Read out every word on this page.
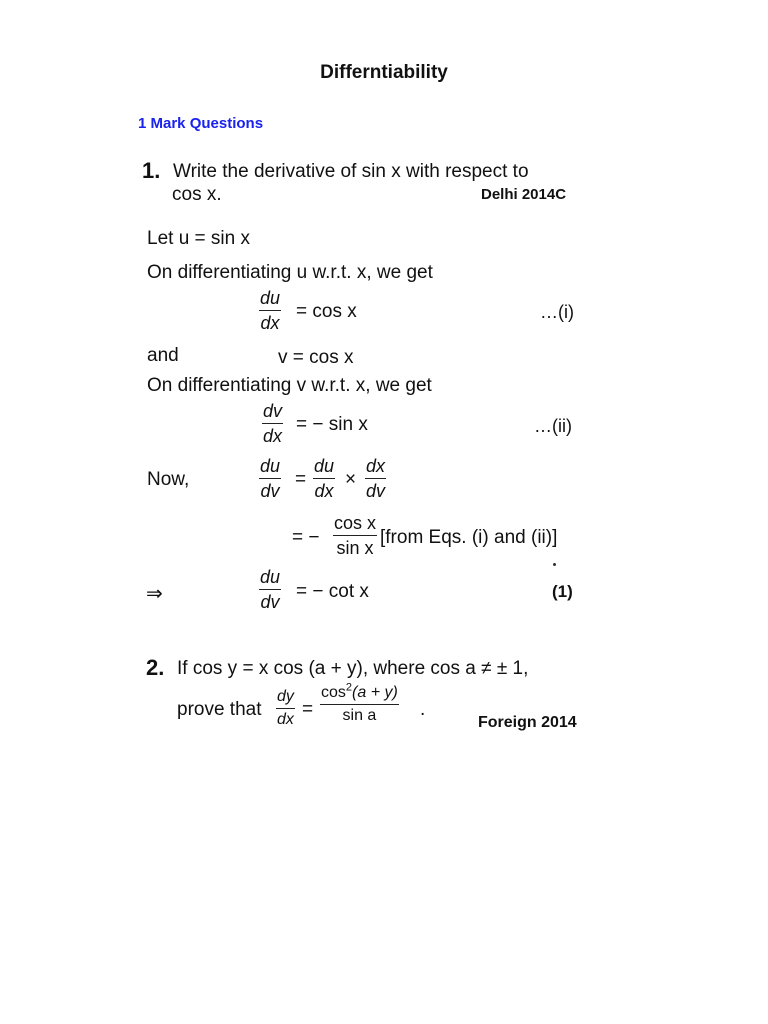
Differntiability
1 Mark Questions
1. Write the derivative of sin x with respect to
cos x.	Delhi 2014C
Let u = sin x
On differentiating u w.r.t. x, we get
$\frac{du}{dx} = \cos x$	…(i)
and	v = cos x
On differentiating v w.r.t. x, we get
$\frac{dv}{dx}$ = − sin x	…(ii)
Now,	$\frac{du}{dv} = \frac{du}{dx} \times \frac{dx}{dv}$
= − $\frac{\text{cos x}}{\text{sin x}}$ [from Eqs. (i) and (ii)]
⇒	$\frac{du}{dv}$ = − cot x	(1)
2. If cos y = x cos (a + y), where cos a ≠ ± 1,
prove that $\frac{dy}{dx} = \frac{\cos^2(a + y)}{\text{sin a}}$ .
Foreign 2014
